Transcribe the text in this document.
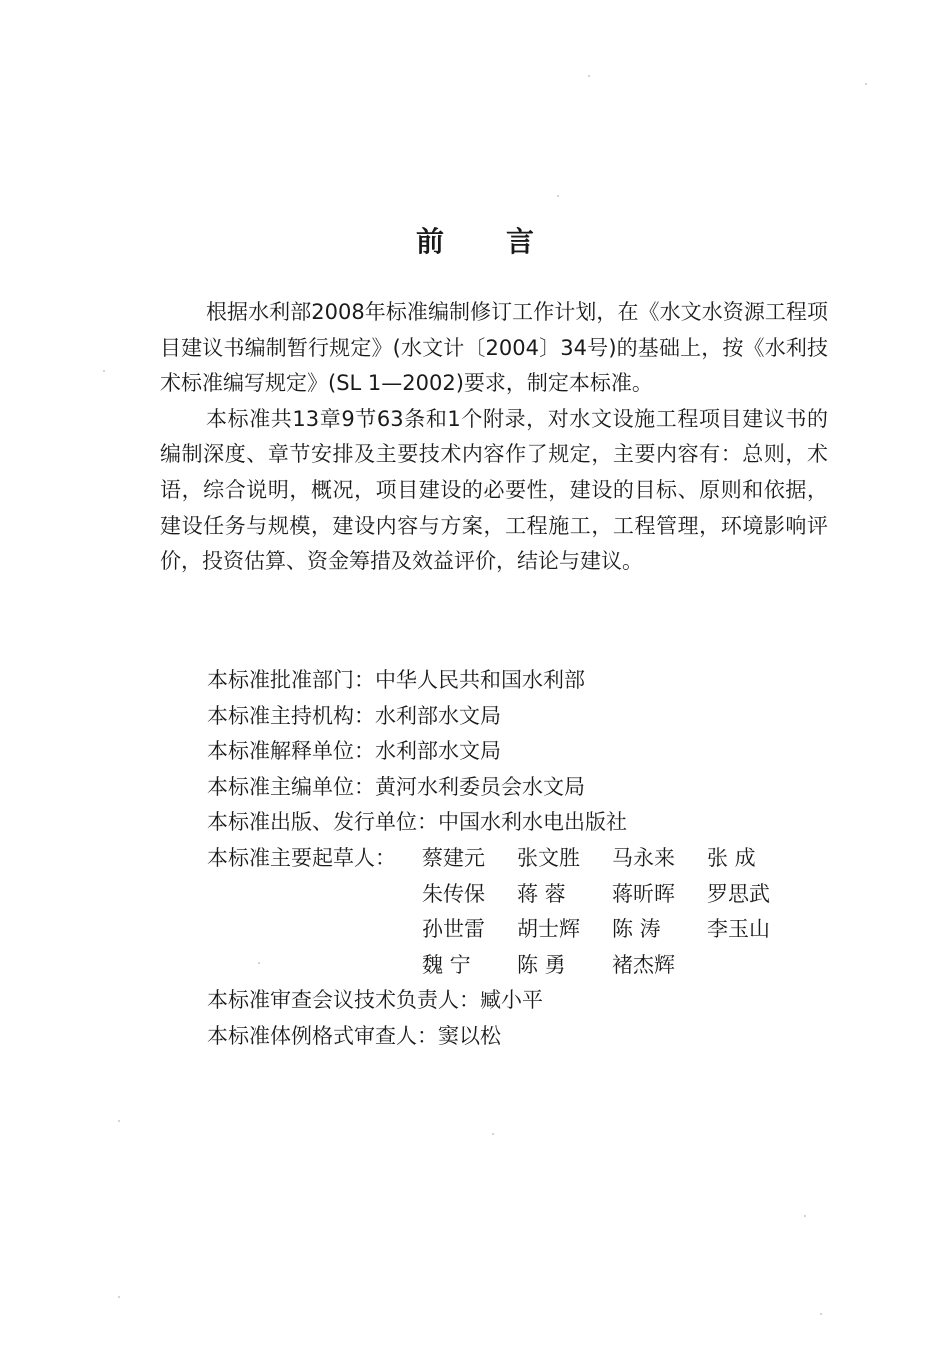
前言

根据水利部2008年标准编制修订工作计划，在《水文水资源工程项目建议书编制暂行规定》(水文计〔2004〕34号)的基础上，按《水利技术标准编写规定》(SL 1—2002)要求，制定本标准。

本标准共13章9节63条和1个附录，对水文设施工程项目建议书的编制深度、章节安排及主要技术内容作了规定，主要内容有：总则，术语，综合说明，概况，项目建设的必要性，建设的目标、原则和依据，建设任务与规模，建设内容与方案，工程施工，工程管理，环境影响评价，投资估算、资金筹措及效益评价，结论与建议。

本标准批准部门：中华人民共和国水利部
本标准主持机构：水利部水文局
本标准解释单位：水利部水文局
本标准主编单位：黄河水利委员会水文局
本标准出版、发行单位：中国水利水电出版社
本标准主要起草人： 蔡建元 张文胜 马永来 张 成
朱传保 蒋 蓉 蒋昕晖 罗思武
孙世雷 胡士辉 陈 涛 李玉山
魏 宁 陈 勇 褚杰辉
本标准审查会议技术负责人：臧小平
本标准体例格式审查人：窦以松
